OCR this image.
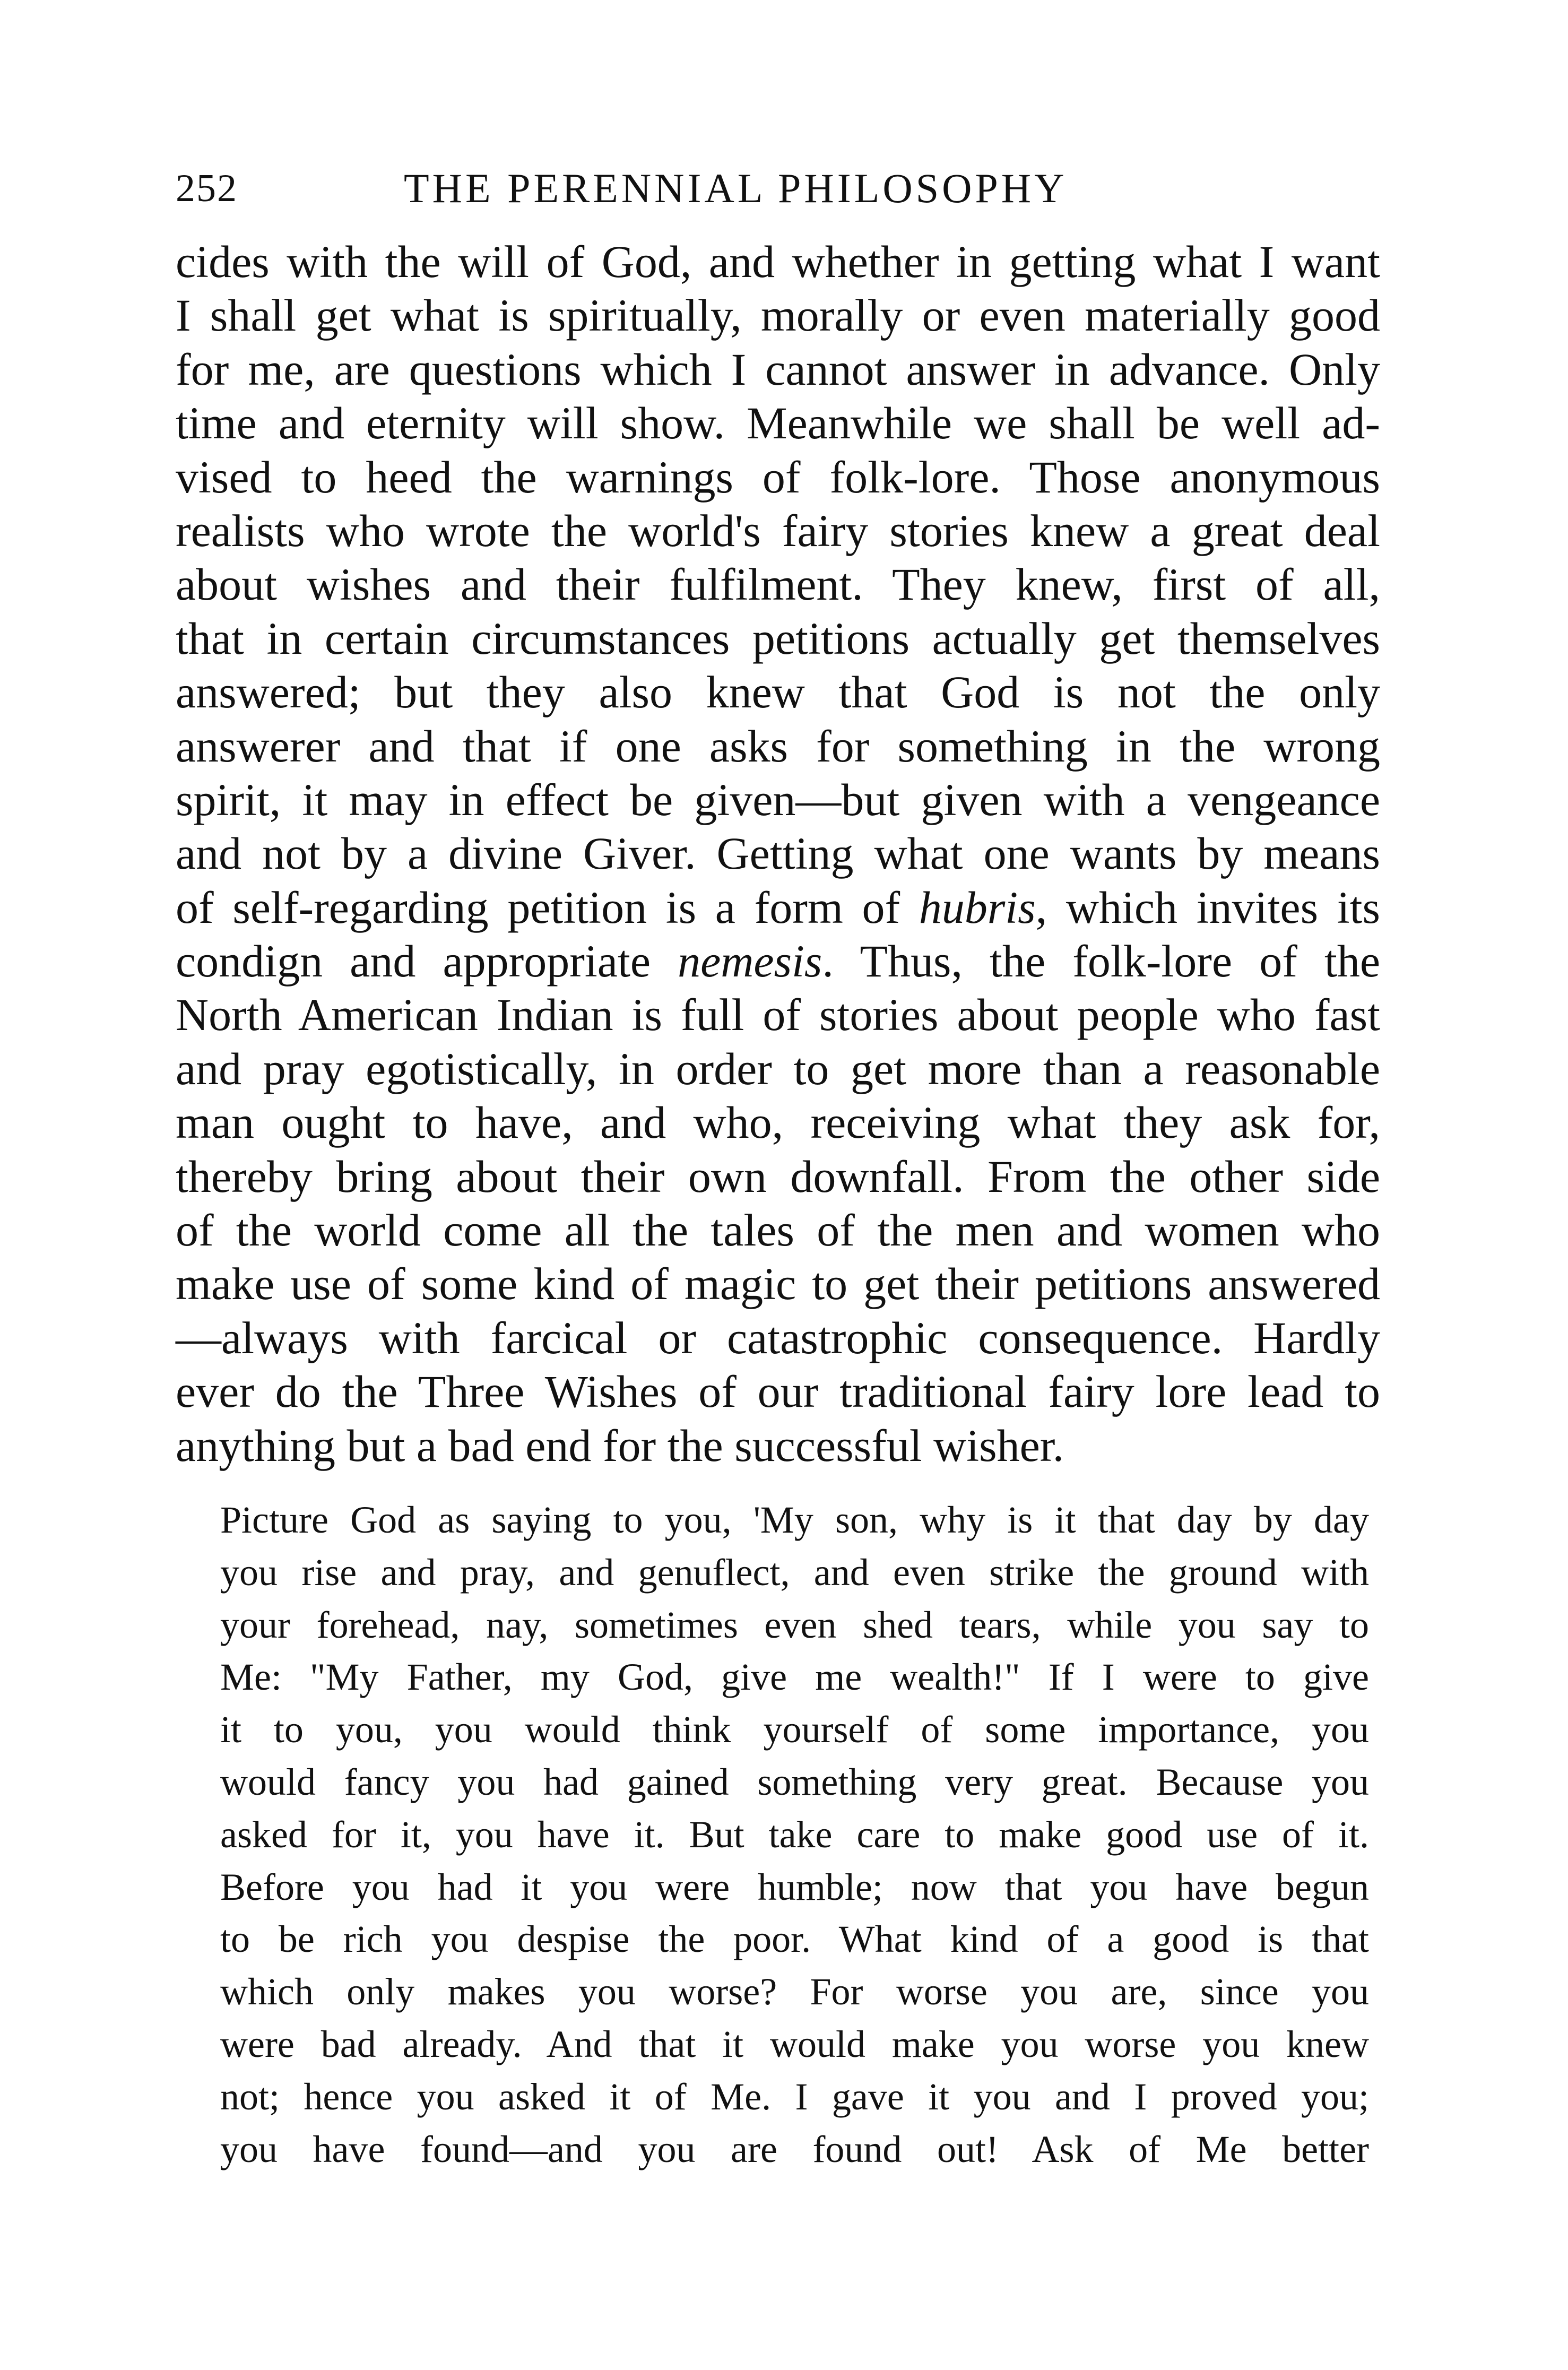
252	THE PERENNIAL PHILOSOPHY
cides with the will of God, and whether in getting what I want
I shall get what is spiritually, morally or even materially good
for me, are questions which I cannot answer in advance. Only
time and eternity will show. Meanwhile we shall be well ad-
vised to heed the warnings of folk-lore. Those anonymous
realists who wrote the world's fairy stories knew a great deal
about wishes and their fulfilment. They knew, first of all,
that in certain circumstances petitions actually get themselves
answered; but they also knew that God is not the only
answerer and that if one asks for something in the wrong
spirit, it may in effect be given—but given with a vengeance
and not by a divine Giver. Getting what one wants by means
of self-regarding petition is a form of hubris, which invites its
condign and appropriate nemesis. Thus, the folk-lore of the
North American Indian is full of stories about people who fast
and pray egotistically, in order to get more than a reasonable
man ought to have, and who, receiving what they ask for,
thereby bring about their own downfall. From the other side
of the world come all the tales of the men and women who
make use of some kind of magic to get their petitions answered
—always with farcical or catastrophic consequence. Hardly
ever do the Three Wishes of our traditional fairy lore lead to
anything but a bad end for the successful wisher.
Picture God as saying to you, 'My son, why is it that day by day
you rise and pray, and genuflect, and even strike the ground with
your forehead, nay, sometimes even shed tears, while you say to
Me: "My Father, my God, give me wealth!" If I were to give
it to you, you would think yourself of some importance, you
would fancy you had gained something very great. Because you
asked for it, you have it. But take care to make good use of it.
Before you had it you were humble; now that you have begun
to be rich you despise the poor. What kind of a good is that
which only makes you worse? For worse you are, since you
were bad already. And that it would make you worse you knew
not; hence you asked it of Me. I gave it you and I proved you;
you have found—and you are found out! Ask of Me better
